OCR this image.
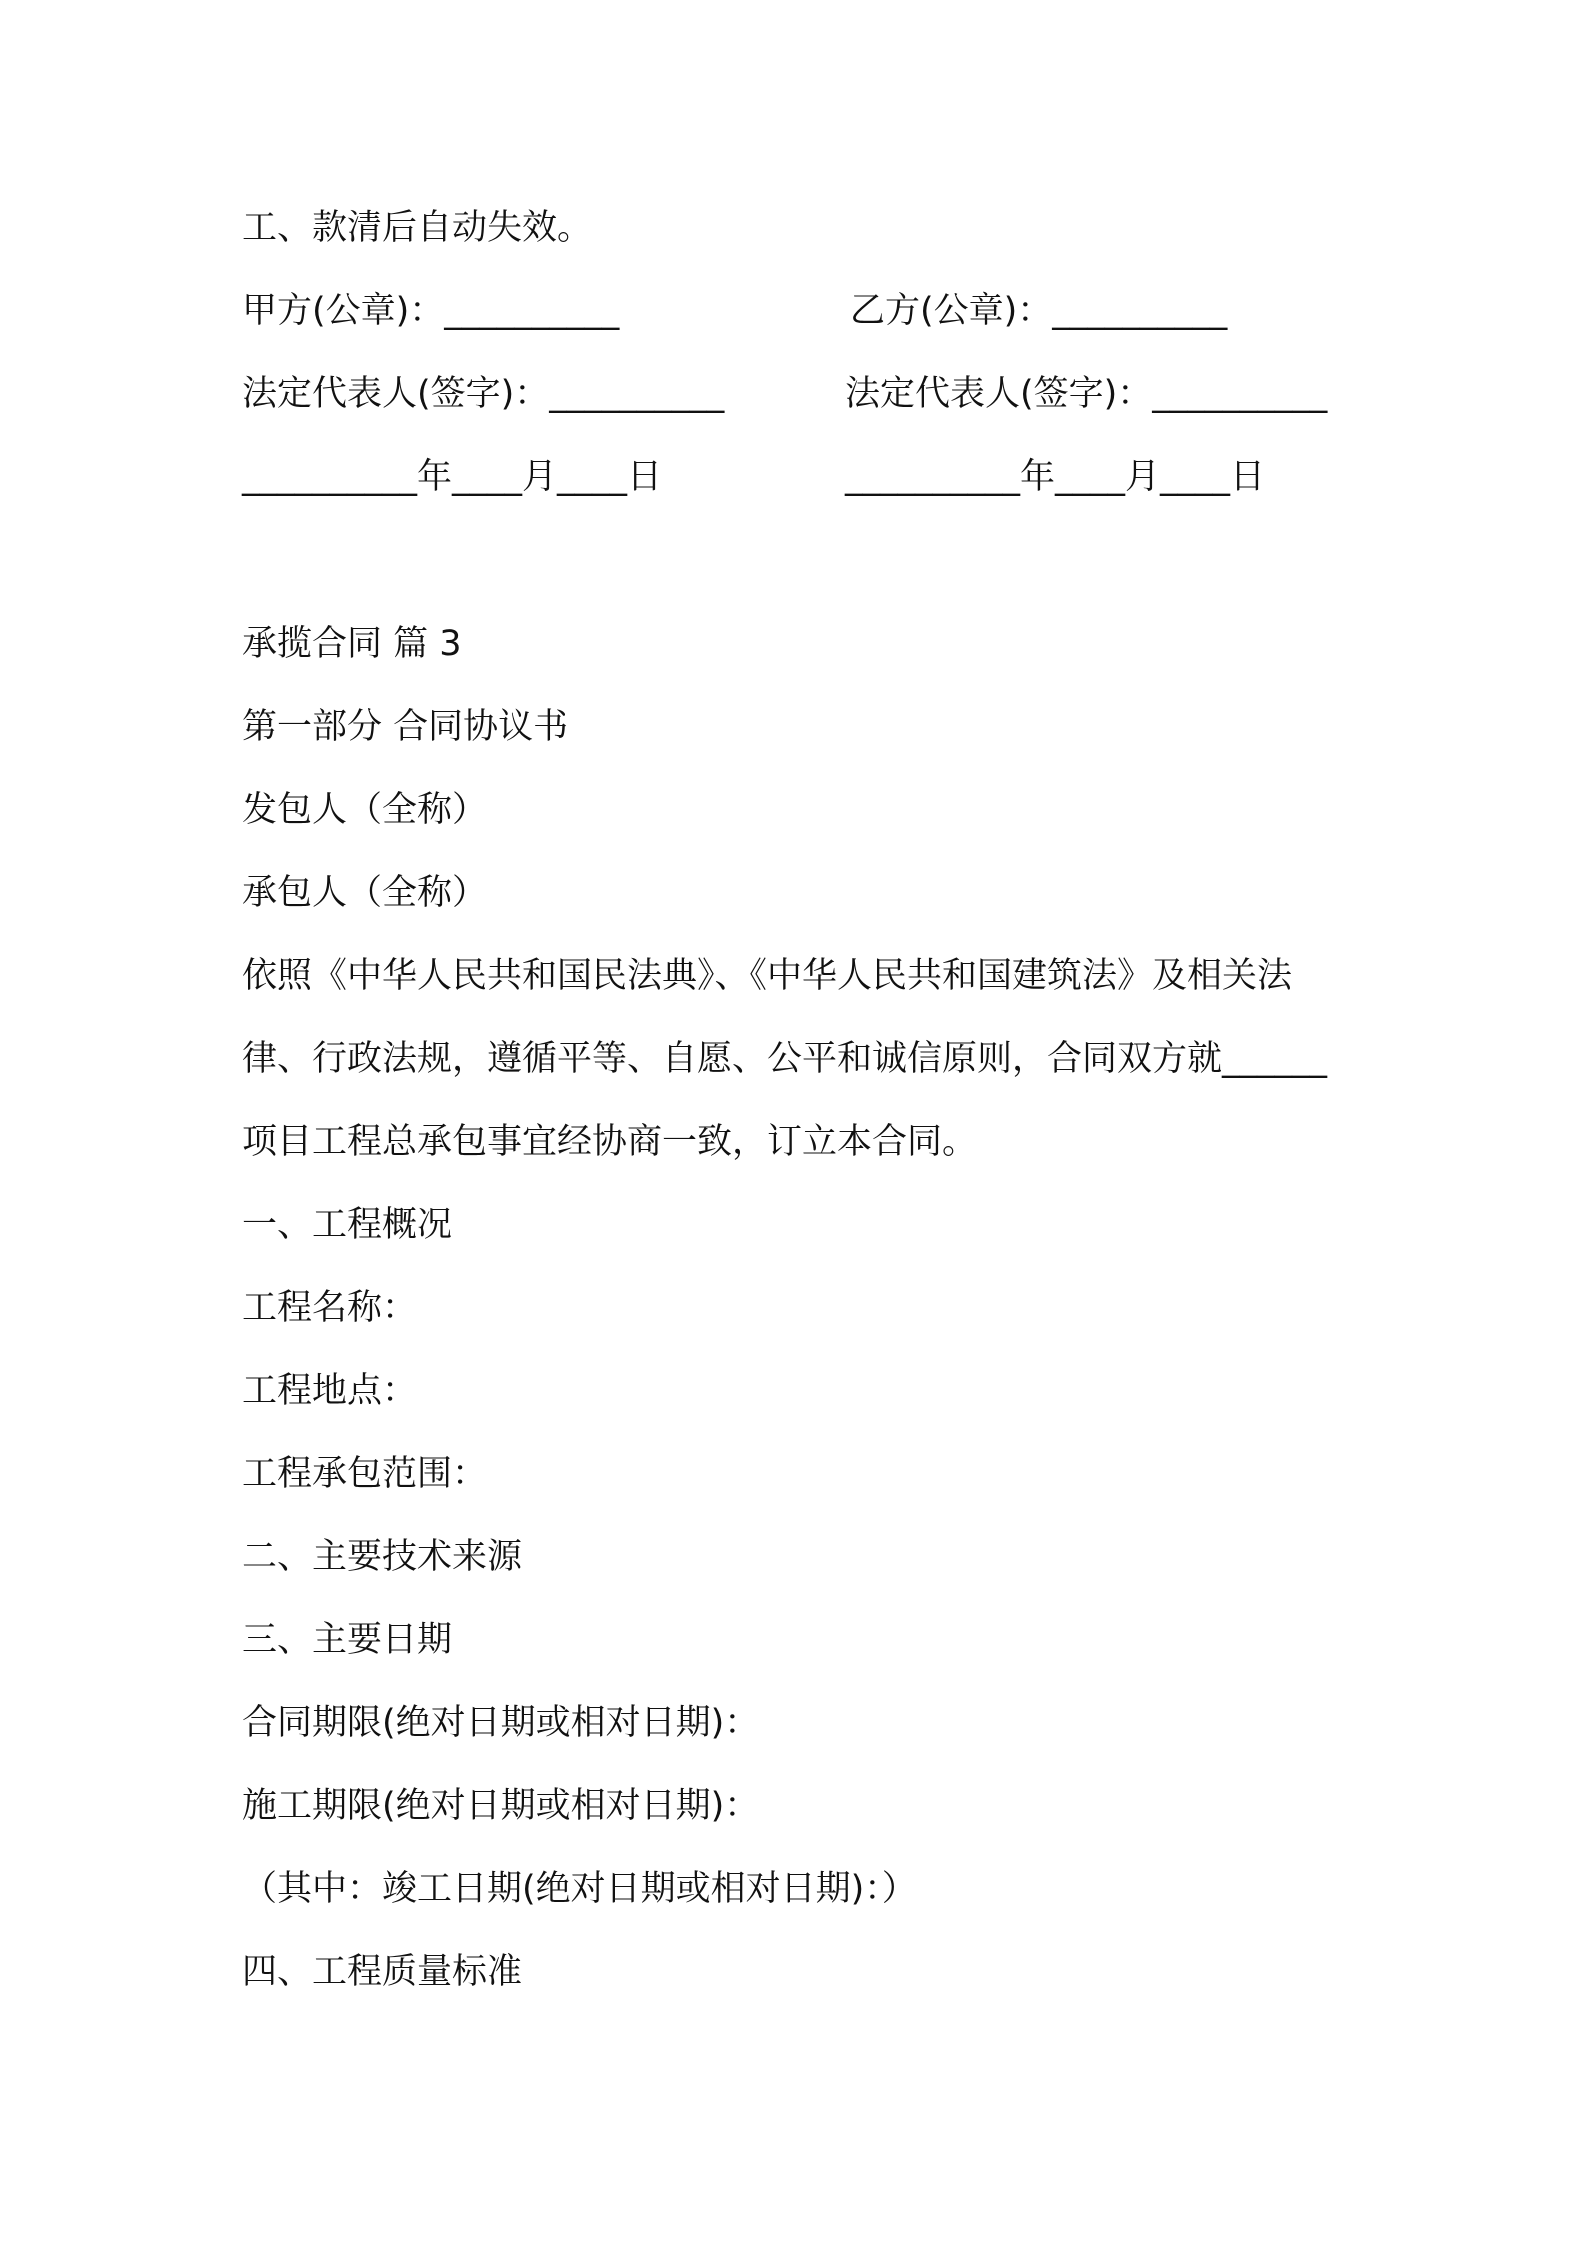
工、款清后自动失效。
甲方(公章)：__________	乙方(公章)：__________
法定代表人(签字)：__________	法定代表人(签字)：__________
__________年____月____日	__________年____月____日
承揽合同 篇 3
第一部分 合同协议书
发包人（全称）
承包人（全称）
依照《中华人民共和国民法典》、《中华人民共和国建筑法》及相关法
律、行政法规，遵循平等、自愿、公平和诚信原则，合同双方就______
项目工程总承包事宜经协商一致，订立本合同。
一、工程概况
工程名称：
工程地点：
工程承包范围：
二、主要技术来源
三、主要日期
合同期限(绝对日期或相对日期)：
施工期限(绝对日期或相对日期)：
（其中：竣工日期(绝对日期或相对日期)：）
四、工程质量标准
